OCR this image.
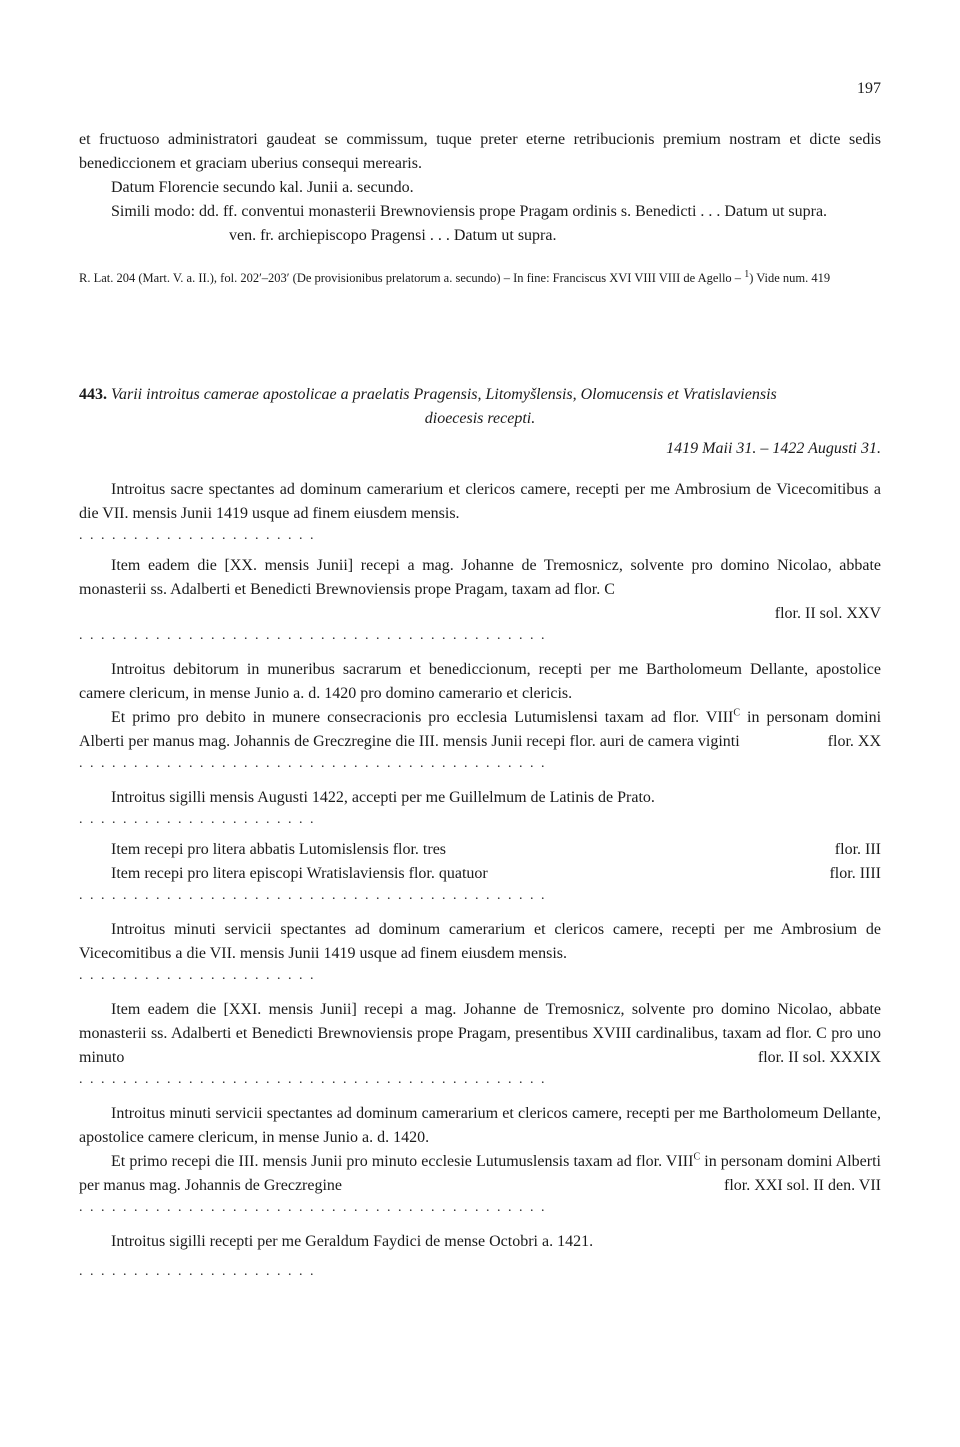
197

et fructuoso administratori gaudeat se commissum, tuque preter eterne retribucionis premium nostram et dicte sedis benediccionem et graciam uberius consequi merearis.

Datum Florencie secundo kal. Junii a. secundo.

Simili modo: dd. ff. conventui monasterii Brewnoviensis prope Pragam ordinis s. Benedicti . . . Datum ut supra.

ven. fr. archiepiscopo Pragensi . . . Datum ut supra.

R. Lat. 204 (Mart. V. a. II.), fol. 202′–203′ (De provisionibus prelatorum a. secundo) – In fine: Franciscus XVI VIII VIII de Agello – $^1$) Vide num. 419

443. Varii introitus camerae apostolicae a praelatis Pragensis, Litomyšlensis, Olomucensis et Vratislaviensis

dioecesis recepti.

1419 Maii 31. – 1422 Augusti 31.

Introitus sacre spectantes ad dominum camerarium et clericos camere, recepti per me Ambrosium de Vicecomitibus a die VII. mensis Junii 1419 usque ad finem eiusdem mensis.

. . . . . . . . . . . . . . . . . . . . . .

Item eadem die [XX. mensis Junii] recepi a mag. Johanne de Tremosnicz, solvente pro domino Nicolao, abbate monasterii ss. Adalberti et Benedicti Brewnoviensis prope Pragam, taxam ad flor. C

flor. II sol. XXV

. . . . . . . . . . . . . . . . . . . . . . . . . . . . . . . . . . . . . . . . . . .

Introitus debitorum in muneribus sacrarum et benediccionum, recepti per me Bartholomeum Dellante, apostolice camere clericum, in mense Junio a. d. 1420 pro domino camerario et clericis.

Et primo pro debito in munere consecracionis pro ecclesia Lutumislensi taxam ad flor. $VIII^C$ in personam domini Alberti per manus mag. Johannis de Greczregine die III. mensis Junii recepi flor. auri de camera viginti	flor. XX

. . . . . . . . . . . . . . . . . . . . . . . . . . . . . . . . . . . . . . . . . . .

Introitus sigilli mensis Augusti 1422, accepti per me Guillelmum de Latinis de Prato.

. . . . . . . . . . . . . . . . . . . . . .

Item recepi pro litera abbatis Lutomislensis flor. tres	flor. III
Item recepi pro litera episcopi Wratislaviensis flor. quatuor	flor. IIII

. . . . . . . . . . . . . . . . . . . . . . . . . . . . . . . . . . . . . . . . . . .

Introitus minuti servicii spectantes ad dominum camerarium et clericos camere, recepti per me Ambrosium de Vicecomitibus a die VII. mensis Junii 1419 usque ad finem eiusdem mensis.

. . . . . . . . . . . . . . . . . . . . . .

Item eadem die [XXI. mensis Junii] recepi a mag. Johanne de Tremosnicz, solvente pro domino Nicolao, abbate monasterii ss. Adalberti et Benedicti Brewnoviensis prope Pragam, presentibus XVIII cardinalibus, taxam ad flor. C pro uno minuto	flor. II sol. XXXIX

. . . . . . . . . . . . . . . . . . . . . . . . . . . . . . . . . . . . . . . . . . .

Introitus minuti servicii spectantes ad dominum camerarium et clericos camere, recepti per me Bartholomeum Dellante, apostolice camere clericum, in mense Junio a. d. 1420.

Et primo recepi die III. mensis Junii pro minuto ecclesie Lutumuslensis taxam ad flor. $VIII^C$ in personam domini Alberti per manus mag. Johannis de Greczregine	flor. XXI sol. II den. VII

. . . . . . . . . . . . . . . . . . . . . . . . . . . . . . . . . . . . . . . . . . .

Introitus sigilli recepti per me Geraldum Faydici de mense Octobri a. 1421.

. . . . . . . . . . . . . . . . . . . . . .
